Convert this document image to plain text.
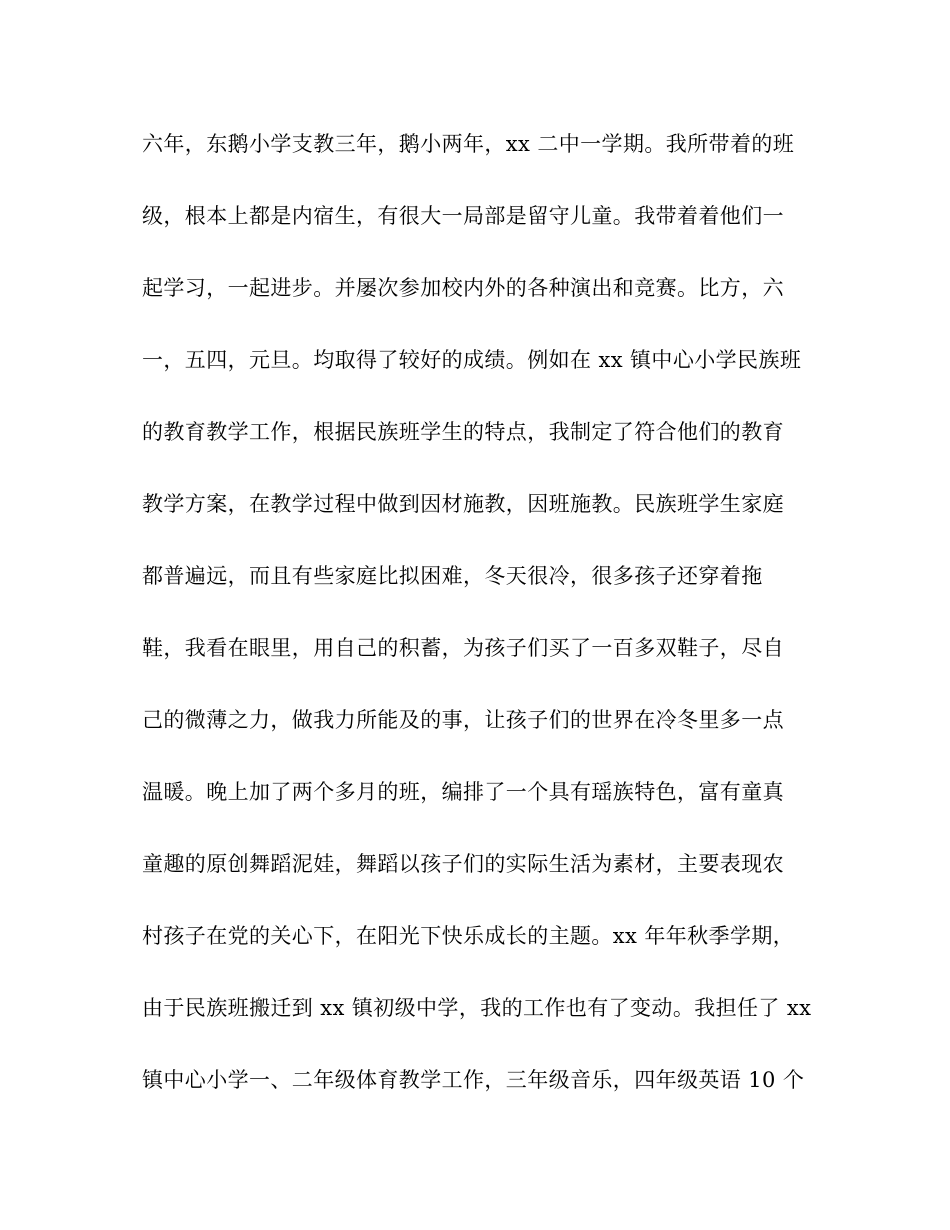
六年，东鹅小学支教三年，鹅小两年，xx 二中一学期。我所带着的班
级，根本上都是内宿生，有很大一局部是留守儿童。我带着着他们一
起学习，一起进步。并屡次参加校内外的各种演出和竞赛。比方，六
一，五四，元旦。均取得了较好的成绩。例如在 xx 镇中心小学民族班
的教育教学工作，根据民族班学生的特点，我制定了符合他们的教育
教学方案，在教学过程中做到因材施教，因班施教。民族班学生家庭
都普遍远，而且有些家庭比拟困难，冬天很冷，很多孩子还穿着拖
鞋，我看在眼里，用自己的积蓄，为孩子们买了一百多双鞋子，尽自
己的微薄之力，做我力所能及的事，让孩子们的世界在冷冬里多一点
温暖。晚上加了两个多月的班，编排了一个具有瑶族特色，富有童真
童趣的原创舞蹈泥娃，舞蹈以孩子们的实际生活为素材，主要表现农
村孩子在党的关心下，在阳光下快乐成长的主题。xx 年年秋季学期，
由于民族班搬迁到 xx 镇初级中学，我的工作也有了变动。我担任了 xx
镇中心小学一、二年级体育教学工作，三年级音乐，四年级英语 10 个
